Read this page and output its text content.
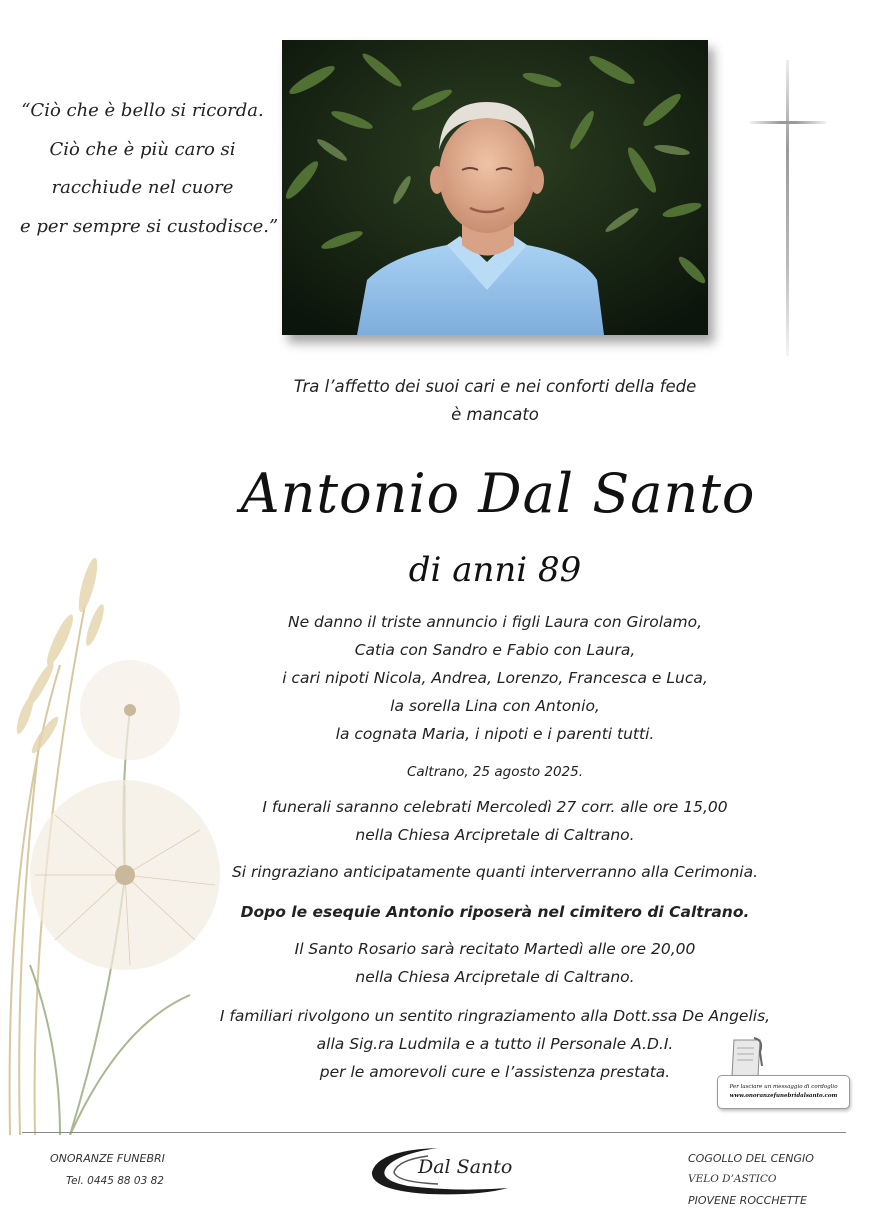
“Ciò che è bello si ricorda.
Ciò che è più caro si
racchiude nel cuore
e per sempre si custodisce.”
Tra l’affetto dei suoi cari e nei conforti della fede
è mancato
Antonio Dal Santo
di anni 89
Ne danno il triste annuncio i figli Laura con Girolamo,
Catia con Sandro e Fabio con Laura,
i cari nipoti Nicola, Andrea, Lorenzo, Francesca e Luca,
la sorella Lina con Antonio,
la cognata Maria, i nipoti e i parenti tutti.
Caltrano, 25 agosto 2025.
I funerali saranno celebrati Mercoledì 27 corr. alle ore 15,00
nella Chiesa Arcipretale di Caltrano.
Si ringraziano anticipatamente quanti interverranno alla Cerimonia.
Dopo le esequie Antonio riposerà nel cimitero di Caltrano.
Il Santo Rosario sarà recitato Martedì alle ore 20,00
nella Chiesa Arcipretale di Caltrano.
I familiari rivolgono un sentito ringraziamento alla Dott.ssa De Angelis,
alla Sig.ra Ludmila e a tutto il Personale A.D.I.
per le amorevoli cure e l’assistenza prestata.
Per lasciare un messaggio di cordoglio
www.onoranzefunebridalsanto.com
ONORANZE FUNEBRI
Tel. 0445 88 03 82
Dal Santo	COGOLLO DEL CENGIO
VELO D’ASTICO
PIOVENE ROCCHETTE
